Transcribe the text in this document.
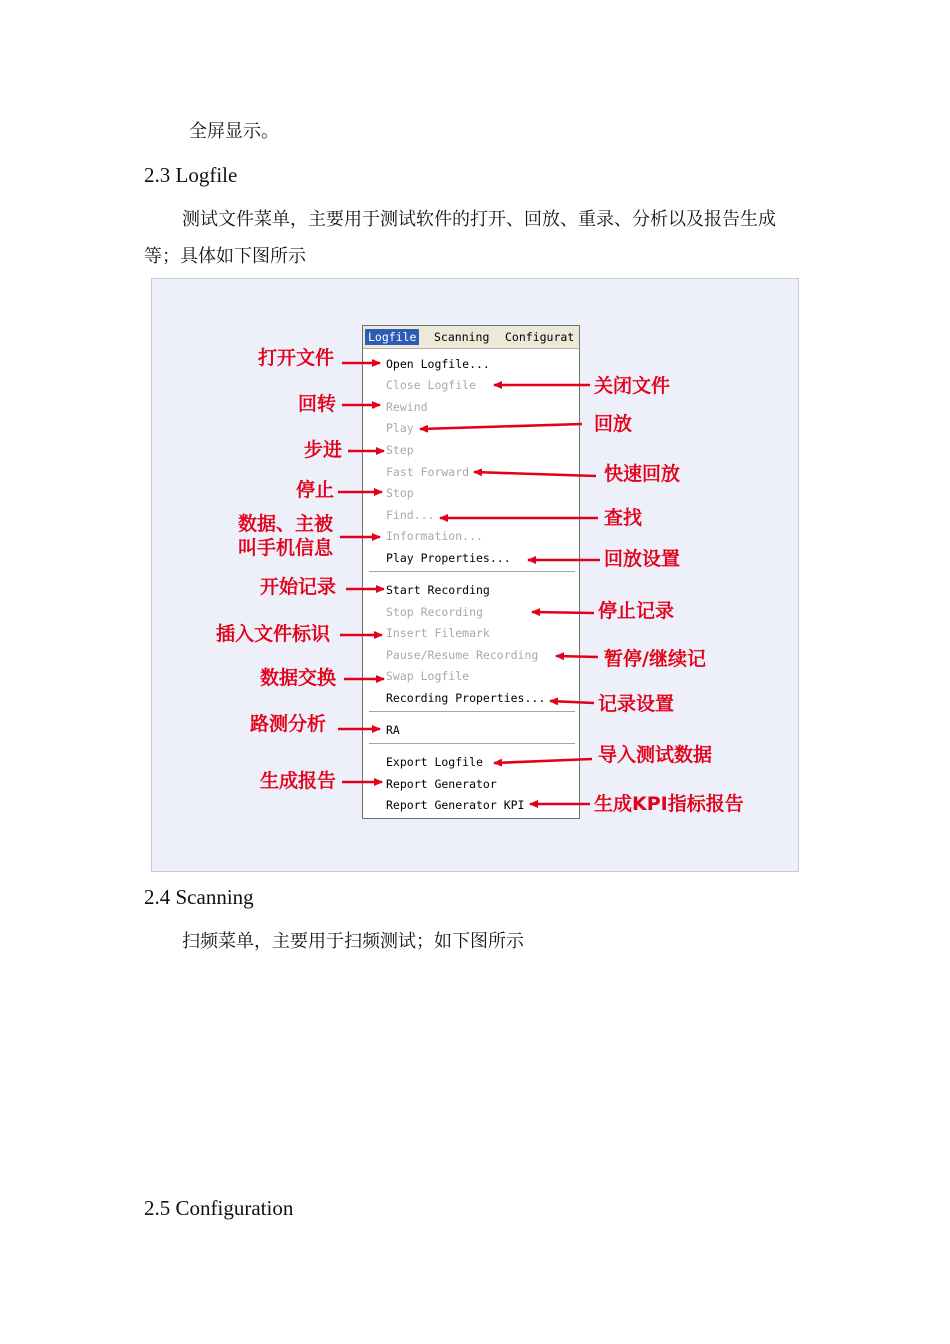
全屏显示。
2.3 Logfile
测试文件菜单，主要用于测试软件的打开、回放、重录、分析以及报告生成
等；具体如下图所示
Logfile Scanning Configurat
Open Logfile...
Close Logfile
Rewind
Play
Step
Fast Forward
Stop
Find...
Information...
Play Properties...
Start Recording
Stop Recording
Insert Filemark
Pause/Resume Recording
Swap Logfile
Recording Properties...
RA
Export Logfile
Report Generator
Report Generator KPI
打开文件
回转
步进
停止
数据、主被
叫手机信息
开始记录
插入文件标识
数据交换
路测分析
生成报告
关闭文件
回放
快速回放
查找
回放设置
停止记录
暂停/继续记
记录设置
导入测试数据
生成KPI指标报告
2.4 Scanning
扫频菜单，主要用于扫频测试；如下图所示
2.5 Configuration
